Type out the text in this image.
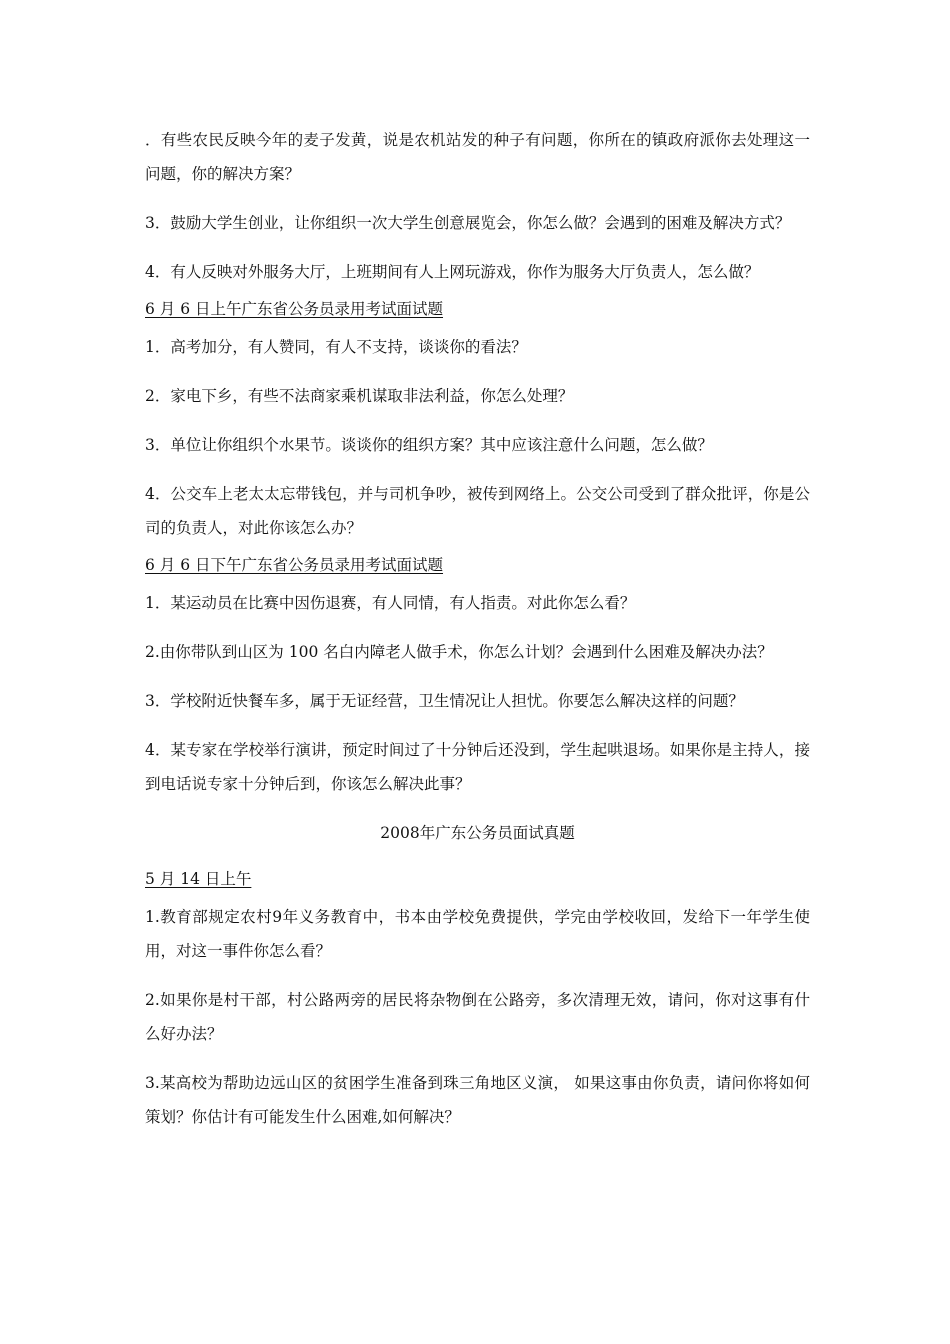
．有些农民反映今年的麦子发黄，说是农机站发的种子有问题，你所在的镇政府派你去处理这一问题，你的解决方案？

3．鼓励大学生创业，让你组织一次大学生创意展览会，你怎么做？会遇到的困难及解决方式？

4．有人反映对外服务大厅，上班期间有人上网玩游戏，你作为服务大厅负责人，怎么做？

6 月 6 日上午广东省公务员录用考试面试题

1．高考加分，有人赞同，有人不支持，谈谈你的看法？

2．家电下乡，有些不法商家乘机谋取非法利益，你怎么处理？

3．单位让你组织个水果节。谈谈你的组织方案？其中应该注意什么问题，怎么做？

4．公交车上老太太忘带钱包，并与司机争吵，被传到网络上。公交公司受到了群众批评，你是公司的负责人，对此你该怎么办？

6 月 6 日下午广东省公务员录用考试面试题

1．某运动员在比赛中因伤退赛，有人同情，有人指责。对此你怎么看？

2.由你带队到山区为 100 名白内障老人做手术，你怎么计划？会遇到什么困难及解决办法？

3．学校附近快餐车多，属于无证经营，卫生情况让人担忧。你要怎么解决这样的问题？

4．某专家在学校举行演讲，预定时间过了十分钟后还没到，学生起哄退场。如果你是主持人，接到电话说专家十分钟后到，你该怎么解决此事？

2008年广东公务员面试真题

5 月 14 日上午

1.教育部规定农村9年义务教育中，书本由学校免费提供，学完由学校收回，发给下一年学生使用，对这一事件你怎么看？

2.如果你是村干部，村公路两旁的居民将杂物倒在公路旁，多次清理无效，请问，你对这事有什么好办法？

3.某高校为帮助边远山区的贫困学生准备到珠三角地区义演， 如果这事由你负责，请问你将如何策划？你估计有可能发生什么困难,如何解决？
